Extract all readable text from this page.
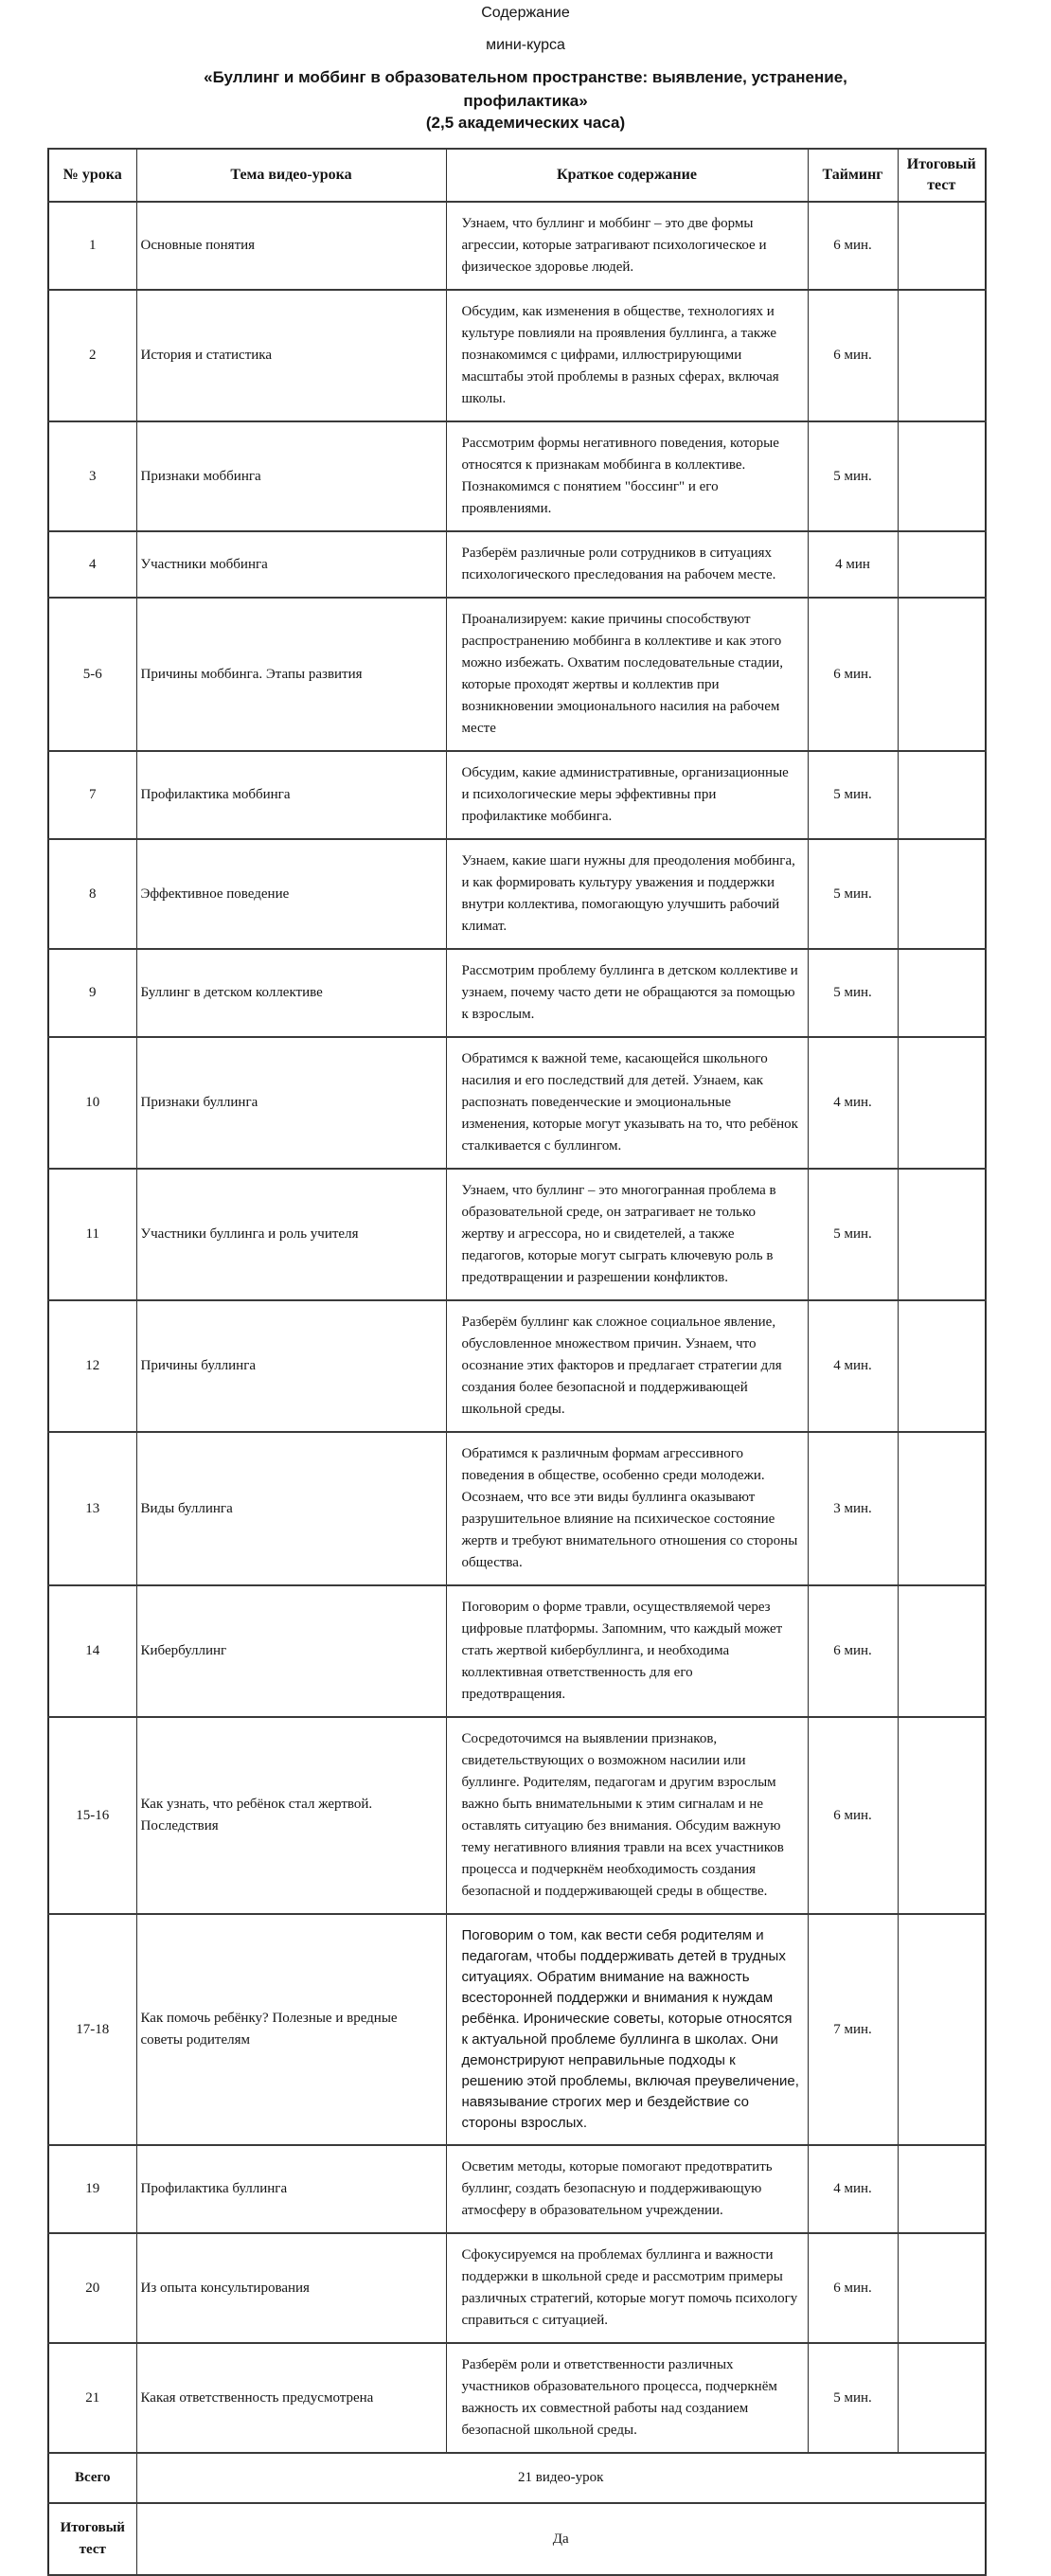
Содержание

мини-курса

«Буллинг и моббинг в образовательном пространстве: выявление, устранение,

профилактика»

(2,5 академических часа)

№ урока	Тема видео-урока	Краткое содержание	Тайминг	Итоговый тест
1	Основные понятия	Узнаем, что буллинг и моббинг – это две формы агрессии, которые затрагивают психологическое и физическое здоровье людей.	6 мин.	
2	История и статистика	Обсудим, как изменения в обществе, технологиях и культуре повлияли на проявления буллинга, а также познакомимся с цифрами, иллюстрирующими масштабы этой проблемы в разных сферах, включая школы.	6 мин.	
3	Признаки моббинга	Рассмотрим формы негативного поведения, которые относятся к признакам моббинга в коллективе. Познакомимся с понятием "боссинг" и его проявлениями.	5 мин.	
4	Участники моббинга	Разберём различные роли сотрудников в ситуациях психологического преследования на рабочем месте.	4 мин	
5-6	Причины моббинга. Этапы развития	Проанализируем: какие причины способствуют распространению моббинга в коллективе и как этого можно избежать. Охватим последовательные стадии, которые проходят жертвы и коллектив при возникновении эмоционального насилия на рабочем месте	6 мин.	
7	Профилактика моббинга	Обсудим, какие административные, организационные и психологические меры эффективны при профилактике моббинга.	5 мин.	
8	Эффективное поведение	Узнаем, какие шаги нужны для преодоления моббинга, и как формировать культуру уважения и поддержки внутри коллектива, помогающую улучшить рабочий климат.	5 мин.	
9	Буллинг в детском коллективе	Рассмотрим проблему буллинга в детском коллективе и узнаем, почему часто дети не обращаются за помощью к взрослым.	5 мин.	
10	Признаки буллинга	Обратимся к важной теме, касающейся школьного насилия и его последствий для детей. Узнаем, как распознать поведенческие и эмоциональные изменения, которые могут указывать на то, что ребёнок сталкивается с буллингом.	4 мин.	
11	Участники буллинга и роль учителя	Узнаем, что буллинг – это многогранная проблема в образовательной среде, он затрагивает не только жертву и агрессора, но и свидетелей, а также педагогов, которые могут сыграть ключевую роль в предотвращении и разрешении конфликтов.	5 мин.	
12	Причины буллинга	Разберём буллинг как сложное социальное явление, обусловленное множеством причин. Узнаем, что осознание этих факторов и предлагает стратегии для создания более безопасной и поддерживающей школьной среды.	4 мин.	
13	Виды буллинга	Обратимся к различным формам агрессивного поведения в обществе, особенно среди молодежи. Осознаем, что все эти виды буллинга оказывают разрушительное влияние на психическое состояние жертв и требуют внимательного отношения со стороны общества.	3 мин.	
14	Кибербуллинг	Поговорим о форме травли, осуществляемой через цифровые платформы. Запомним, что каждый может стать жертвой кибербуллинга, и необходима коллективная ответственность для его предотвращения.	6 мин.	
15-16	Как узнать, что ребёнок стал жертвой. Последствия	Сосредоточимся на выявлении признаков, свидетельствующих о возможном насилии или буллинге. Родителям, педагогам и другим взрослым важно быть внимательными к этим сигналам и не оставлять ситуацию без внимания. Обсудим важную тему негативного влияния травли на всех участников процесса и подчеркнём необходимость создания безопасной и поддерживающей среды в обществе.	6 мин.	
17-18	Как помочь ребёнку? Полезные и вредные советы родителям	Поговорим о том, как вести себя родителям и педагогам, чтобы поддерживать детей в трудных ситуациях. Обратим внимание на важность всесторонней поддержки и внимания к нуждам ребёнка. Иронические советы, которые относятся к актуальной проблеме буллинга в школах. Они демонстрируют неправильные подходы к решению этой проблемы, включая преувеличение, навязывание строгих мер и бездействие со стороны взрослых.	7 мин.	
19	Профилактика буллинга	Осветим методы, которые помогают предотвратить буллинг, создать безопасную и поддерживающую атмосферу в образовательном учреждении.	4 мин.	
20	Из опыта консультирования	Сфокусируемся на проблемах буллинга и важности поддержки в школьной среде и рассмотрим примеры различных стратегий, которые могут помочь психологу справиться с ситуацией.	6 мин.	
21	Какая ответственность предусмотрена	Разберём роли и ответственности различных участников образовательного процесса, подчеркнём важность их совместной работы над созданием безопасной школьной среды.	5 мин.	
Всего	21 видео-урок			
Итоговый тест	Да			
